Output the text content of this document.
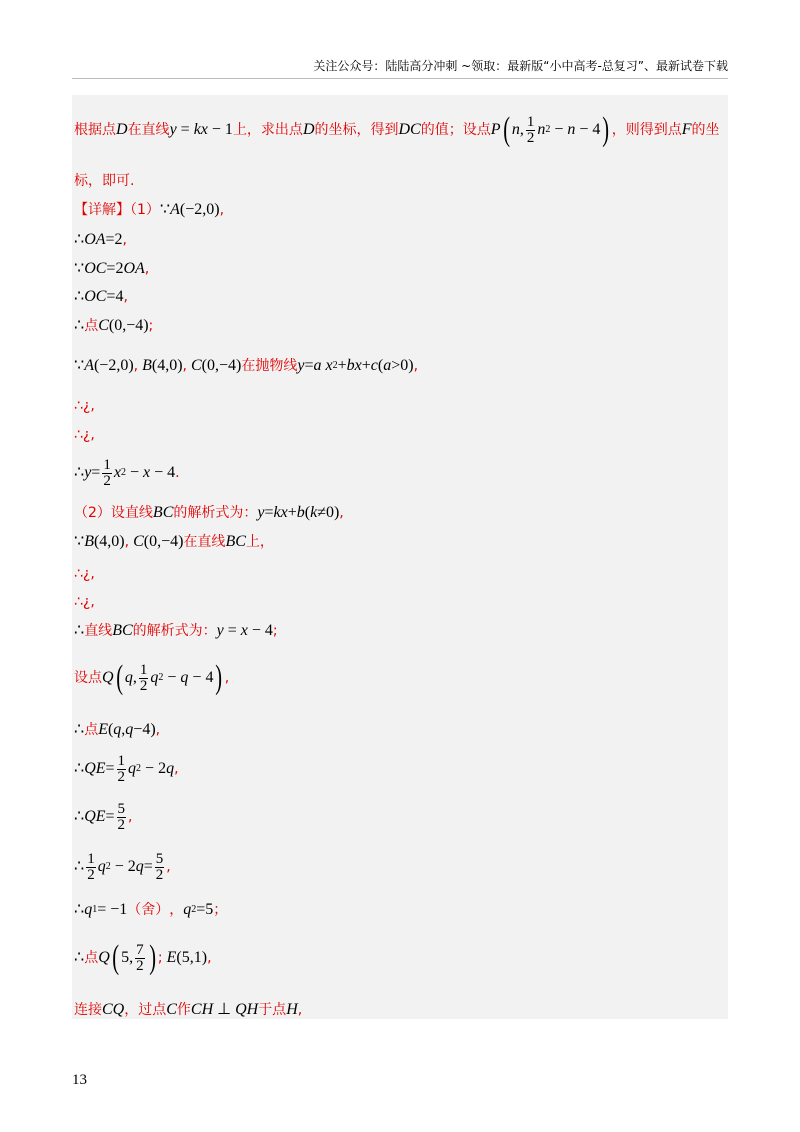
关注公众号：陆陆高分冲刺 ~领取：最新版“小中高考-总复习”、最新试卷下载
根据点 D 在直线 y = kx − 1 上，求出点 D 的坐标，得到 DC 的值；设点 P ( n , $\frac{1}{2}$ n 2 − n − 4 ) ，则得到点 F 的坐
标，即可.
【详解】（1） ∵ A (−2,0) ,
∴ OA =2 ,
∵ OC =2 OA ,
∴ OC =4 ,
∴ 点 C (0,−4) ;
∵ A (−2,0) , B (4,0) , C (0,−4) 在抛物线 y = a x 2 + bx + c ( a >0) ,
∴¿,
∴¿,
∴ $y = \frac{1}{2}$ x 2 − x − 4 .
（2）设直线 BC 的解析式为： y = kx + b ( k ≠0) ,
∵ B (4,0) , C (0,−4) 在直线 BC 上，
∴¿,
∴¿,
∴ 直线 BC 的解析式为： y = x − 4 ;
设点 Q ( q , $\frac{1}{2}$ q 2 − q − 4 ) ,
∴ 点 E ( q , q −4) ,
∴ QE = $\frac{1}{2}$ q 2 − 2 q ,
∴ QE = $\frac{5}{2}$ ,
∴ $\frac{1}{2}$ q 2 − 2 $q = \frac{5}{2}$ ,
∴ q 1 = −1 （舍） ， q 2 =5 ；
∴ 点 Q ( 5, $\frac{7}{2}$ ) ; E (5,1) ,
连接 CQ ，过点 C 作 CH ⊥ QH 于点 H ,
13
